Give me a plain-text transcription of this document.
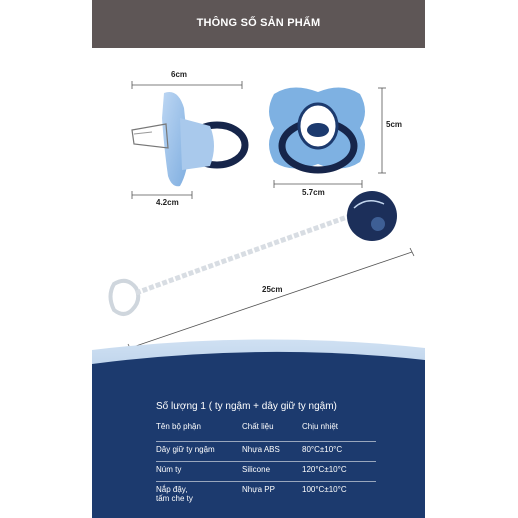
THÔNG SỐ SẢN PHẨM
6cm
4.2cm
5cm
5.7cm
25cm
Số lượng 1 ( ty ngậm + dây giữ ty ngậm)
Tên bộ phận	Chất liệu	Chịu nhiệt
Dây giữ ty ngậm	Nhựa ABS	80°C±10°C
Núm ty	Silicone	120°C±10°C
Nắp đậy,
tấm che ty	Nhựa PP	100°C±10°C
